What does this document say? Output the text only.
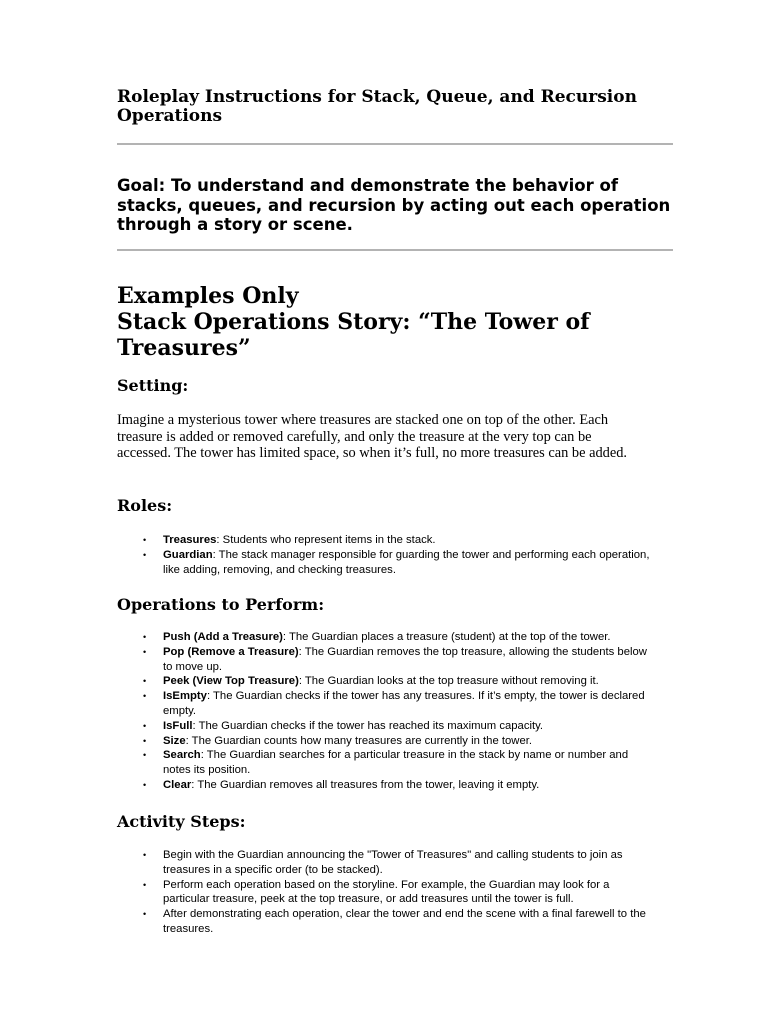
Roleplay Instructions for Stack, Queue, and Recursion Operations

Goal: To understand and demonstrate the behavior of stacks, queues, and recursion by acting out each operation through a story or scene.

Examples Only
Stack Operations Story: “The Tower of Treasures”
Setting:

Imagine a mysterious tower where treasures are stacked one on top of the other. Each treasure is added or removed carefully, and only the treasure at the very top can be accessed. The tower has limited space, so when it’s full, no more treasures can be added.

Roles:
• Treasures: Students who represent items in the stack.
• Guardian: The stack manager responsible for guarding the tower and performing each operation, like adding, removing, and checking treasures.
Operations to Perform:
• Push (Add a Treasure): The Guardian places a treasure (student) at the top of the tower.
• Pop (Remove a Treasure): The Guardian removes the top treasure, allowing the students below to move up.
• Peek (View Top Treasure): The Guardian looks at the top treasure without removing it.
• IsEmpty: The Guardian checks if the tower has any treasures. If it’s empty, the tower is declared empty.
• IsFull: The Guardian checks if the tower has reached its maximum capacity.
• Size: The Guardian counts how many treasures are currently in the tower.
• Search: The Guardian searches for a particular treasure in the stack by name or number and notes its position.
• Clear: The Guardian removes all treasures from the tower, leaving it empty.
Activity Steps:
• Begin with the Guardian announcing the "Tower of Treasures" and calling students to join as treasures in a specific order (to be stacked).
• Perform each operation based on the storyline. For example, the Guardian may look for a particular treasure, peek at the top treasure, or add treasures until the tower is full.
• After demonstrating each operation, clear the tower and end the scene with a final farewell to the treasures.
